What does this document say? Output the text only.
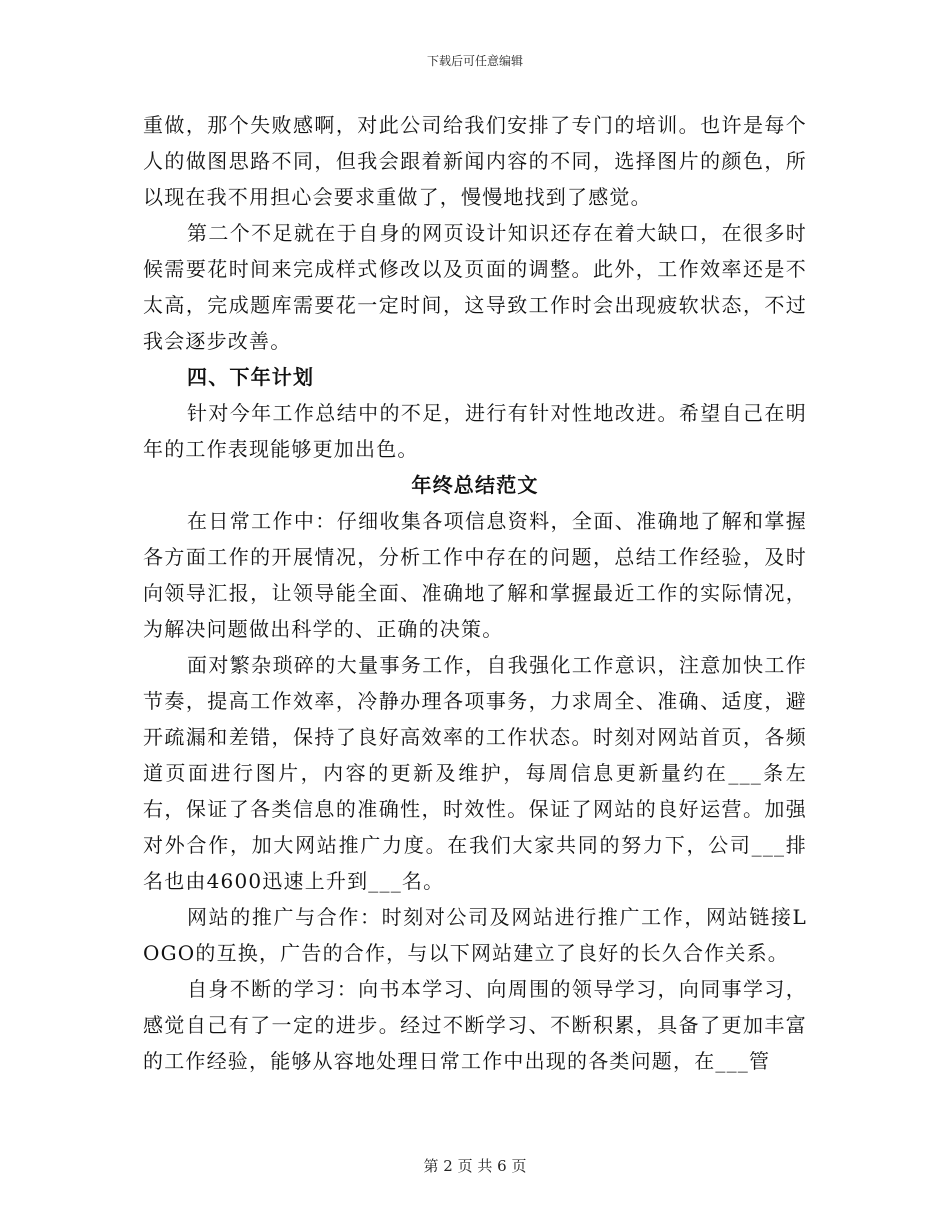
下载后可任意编辑

重做，那个失败感啊，对此公司给我们安排了专门的培训。也许是每个人的做图思路不同，但我会跟着新闻内容的不同，选择图片的颜色，所以现在我不用担心会要求重做了，慢慢地找到了感觉。

第二个不足就在于自身的网页设计知识还存在着大缺口，在很多时候需要花时间来完成样式修改以及页面的调整。此外，工作效率还是不太高，完成题库需要花一定时间，这导致工作时会出现疲软状态，不过我会逐步改善。

四、下年计划

针对今年工作总结中的不足，进行有针对性地改进。希望自己在明年的工作表现能够更加出色。

年终总结范文

在日常工作中：仔细收集各项信息资料，全面、准确地了解和掌握各方面工作的开展情况，分析工作中存在的问题，总结工作经验，及时向领导汇报，让领导能全面、准确地了解和掌握最近工作的实际情况，为解决问题做出科学的、正确的决策。

面对繁杂琐碎的大量事务工作，自我强化工作意识，注意加快工作节奏，提高工作效率，冷静办理各项事务，力求周全、准确、适度，避开疏漏和差错，保持了良好高效率的工作状态。时刻对网站首页，各频道页面进行图片，内容的更新及维护，每周信息更新量约在___条左右，保证了各类信息的准确性，时效性。保证了网站的良好运营。加强对外合作，加大网站推广力度。在我们大家共同的努力下，公司___排名也由4600迅速上升到___名。

网站的推广与合作：时刻对公司及网站进行推广工作，网站链接LOGO的互换，广告的合作，与以下网站建立了良好的长久合作关系。

自身不断的学习：向书本学习、向周围的领导学习，向同事学习，感觉自己有了一定的进步。经过不断学习、不断积累，具备了更加丰富的工作经验，能够从容地处理日常工作中出现的各类问题，在___管

第 2 页 共 6 页
